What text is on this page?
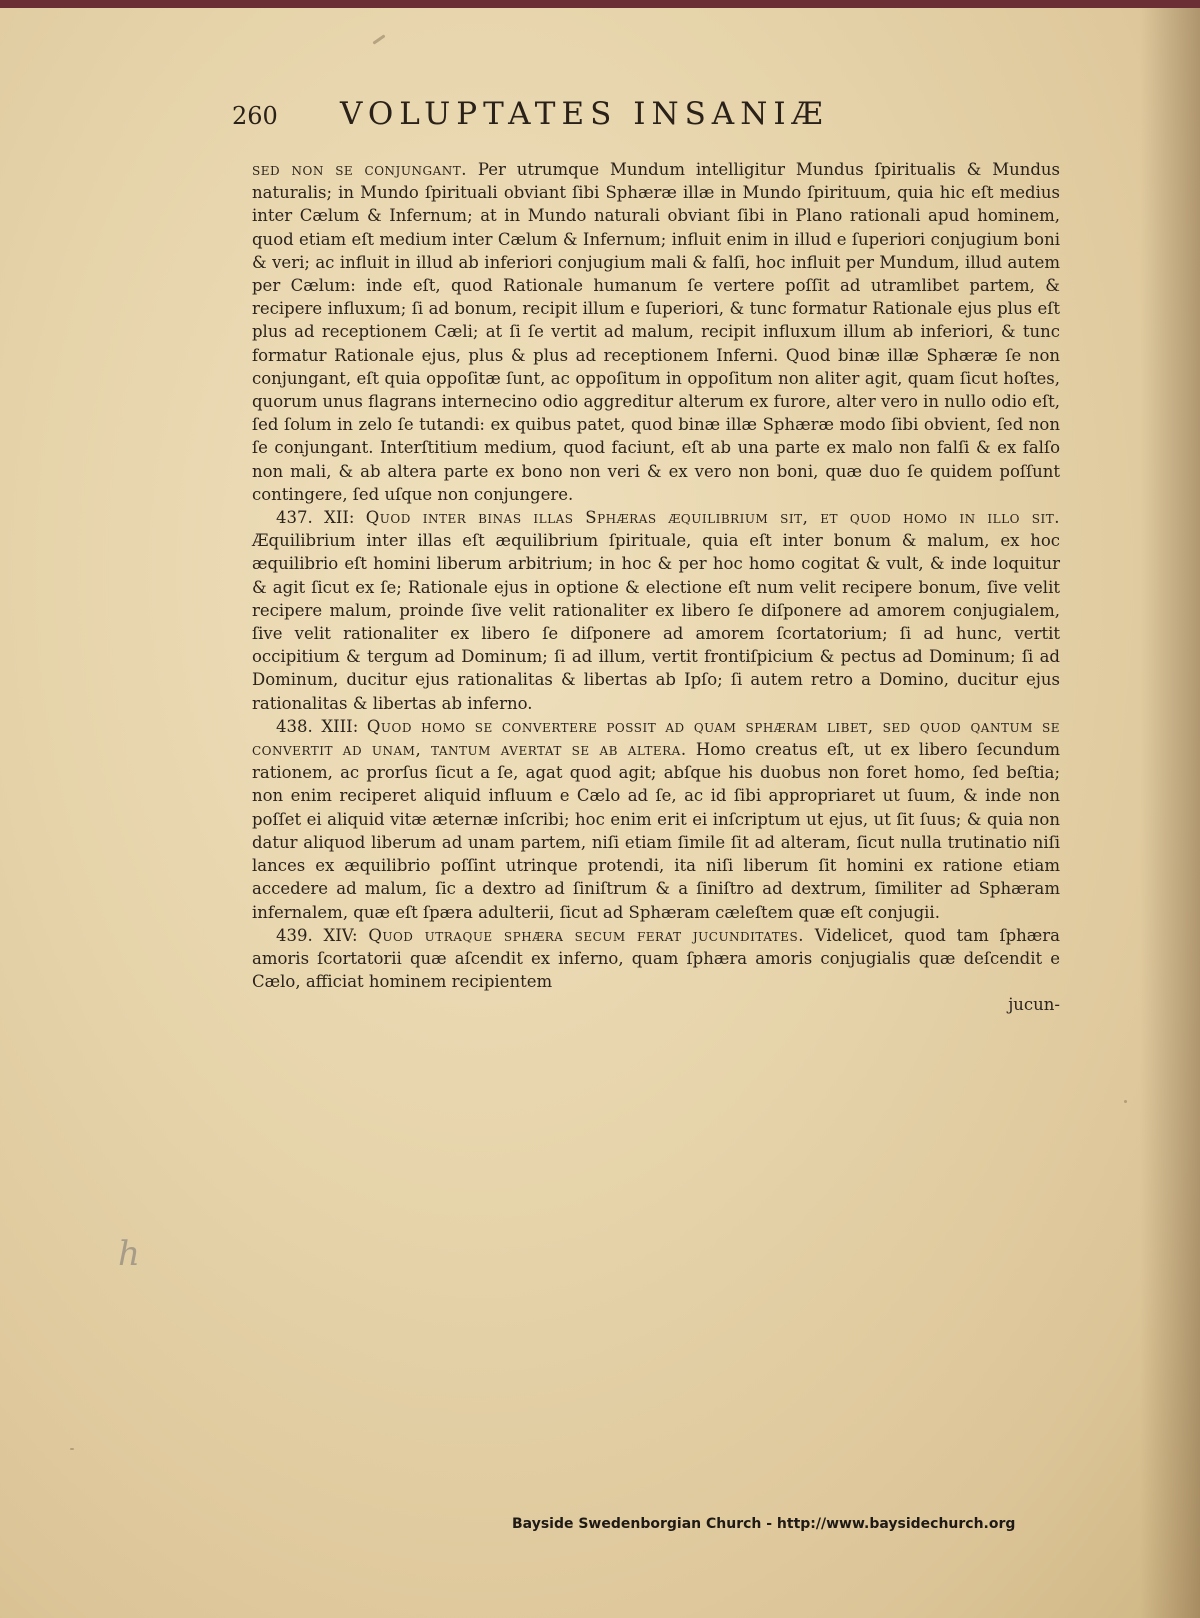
260	VOLUPTATES INSANIÆ

sed non se conjungant. Per utrumque Mundum intelligitur Mundus ſpiritualis & Mundus naturalis; in Mundo ſpirituali obviant ſibi Sphæræ illæ in Mundo ſpirituum, quia hic eſt medius inter Cælum & Infernum; at in Mundo naturali obviant ſibi in Plano rationali apud hominem, quod etiam eſt medium inter Cælum & Infernum; influit enim in illud e ſuperiori conjugium boni & veri; ac influit in illud ab inferiori conjugium mali & falſi, hoc influit per Mundum, illud autem per Cælum: inde eſt, quod Rationale humanum ſe vertere poſſit ad utramlibet partem, & recipere influxum; ſi ad bonum, recipit illum e ſuperiori, & tunc formatur Rationale ejus plus eſt plus ad receptionem Cæli; at ſi ſe vertit ad malum, recipit influxum illum ab inferiori, & tunc formatur Rationale ejus, plus & plus ad receptionem Inferni. Quod binæ illæ Sphæræ ſe non conjungant, eſt quia oppoſitæ ſunt, ac oppoſitum in oppoſitum non aliter agit, quam ſicut hoſtes, quorum unus flagrans internecino odio aggreditur alterum ex furore, alter vero in nullo odio eſt, ſed ſolum in zelo ſe tutandi: ex quibus patet, quod binæ illæ Sphæræ modo ſibi obvient, ſed non ſe conjungant. Interſtitium medium, quod faciunt, eſt ab una parte ex malo non falſi & ex falſo non mali, & ab altera parte ex bono non veri & ex vero non boni, quæ duo ſe quidem poſſunt contingere, ſed uſque non conjungere.

437. XII: Quod inter binas illas Sphæras æquilibrium sit, et quod homo in illo sit. Æquilibrium inter illas eſt æquilibrium ſpirituale, quia eſt inter bonum & malum, ex hoc æquilibrio eſt homini liberum arbitrium; in hoc & per hoc homo cogitat & vult, & inde loquitur & agit ſicut ex ſe; Rationale ejus in optione & electione eſt num velit recipere bonum, ſive velit recipere malum, proinde ſive velit rationaliter ex libero ſe diſponere ad amorem conjugialem, ſive velit rationaliter ex libero ſe diſponere ad amorem ſcortatorium; ſi ad hunc, vertit occipitium & tergum ad Dominum; ſi ad illum, vertit frontiſpicium & pectus ad Dominum; ſi ad Dominum, ducitur ejus rationalitas & libertas ab Ipſo; ſi autem retro a Domino, ducitur ejus rationalitas & libertas ab inferno.

438. XIII: Quod homo se convertere possit ad quam sphæram libet, sed quod qantum se convertit ad unam, tantum avertat se ab altera. Homo creatus eſt, ut ex libero ſecundum rationem, ac prorſus ſicut a ſe, agat quod agit; abſque his duobus non foret homo, ſed beſtia; non enim reciperet aliquid influum e Cælo ad ſe, ac id ſibi appropriaret ut ſuum, & inde non poſſet ei aliquid vitæ æternæ inſcribi; hoc enim erit ei inſcriptum ut ejus, ut ſit ſuus; & quia non datur aliquod liberum ad unam partem, niſi etiam ſimile ſit ad alteram, ſicut nulla trutinatio niſi lances ex æquilibrio poſſint utrinque protendi, ita niſi liberum ſit homini ex ratione etiam accedere ad malum, ſic a dextro ad ſiniſtrum & a ſiniſtro ad dextrum, ſimiliter ad Sphæram infernalem, quæ eſt ſpæra adulterii, ſicut ad Sphæram cæleſtem quæ eſt conjugii.

439. XIV: Quod utraque sphæra secum ferat jucunditates. Videlicet, quod tam ſphæra amoris ſcortatorii quæ aſcendit ex inferno, quam ſphæra amoris conjugialis quæ deſcendit e Cælo, afficiat hominem recipientem

jucun-

h
Bayside Swedenborgian Church - http://www.baysidechurch.org
